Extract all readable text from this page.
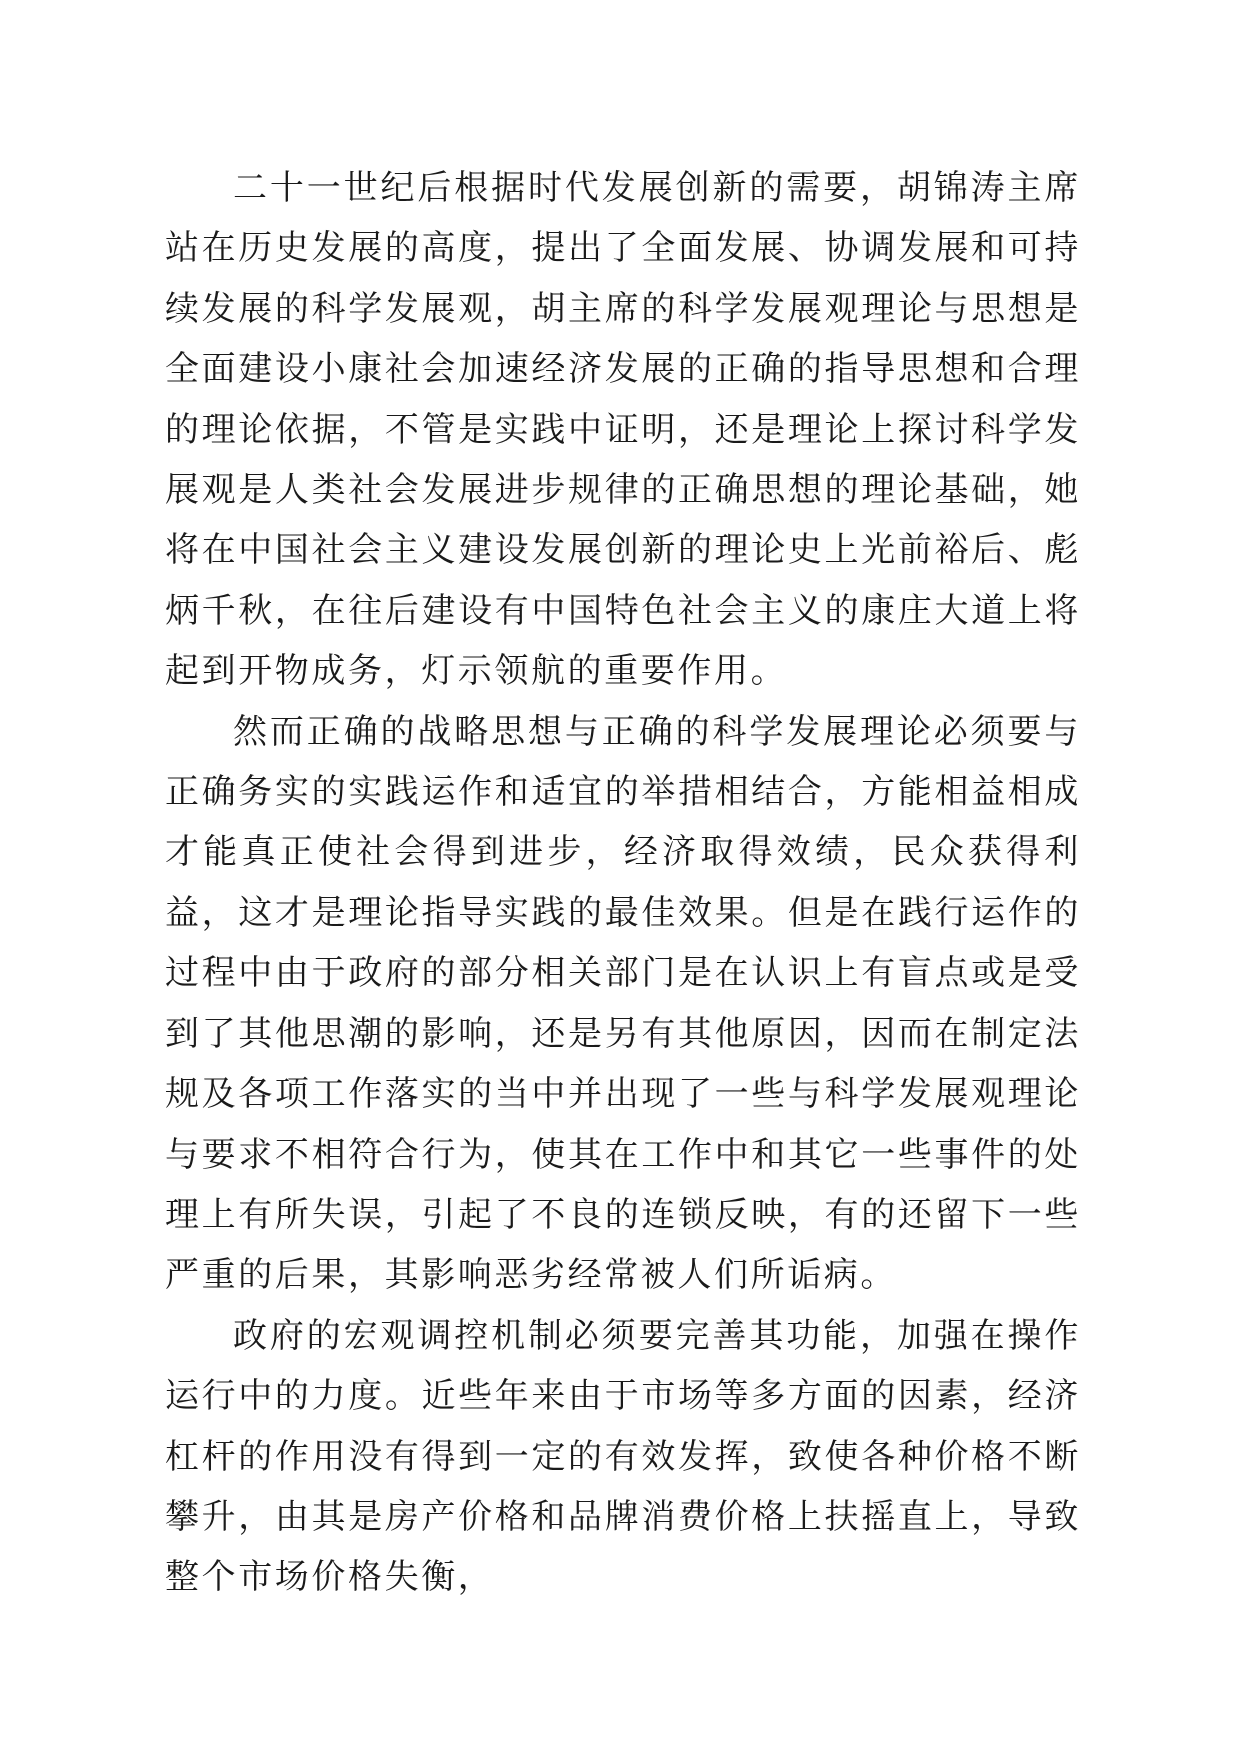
二十一世纪后根据时代发展创新的需要，胡锦涛主席站在历史发展的高度，提出了全面发展、协调发展和可持续发展的科学发展观，胡主席的科学发展观理论与思想是全面建设小康社会加速经济发展的正确的指导思想和合理的理论依据，不管是实践中证明，还是理论上探讨科学发展观是人类社会发展进步规律的正确思想的理论基础，她将在中国社会主义建设发展创新的理论史上光前裕后、彪炳千秋，在往后建设有中国特色社会主义的康庄大道上将起到开物成务，灯示领航的重要作用。

然而正确的战略思想与正确的科学发展理论必须要与正确务实的实践运作和适宜的举措相结合，方能相益相成才能真正使社会得到进步，经济取得效绩，民众获得利益，这才是理论指导实践的最佳效果。但是在践行运作的过程中由于政府的部分相关部门是在认识上有盲点或是受到了其他思潮的影响，还是另有其他原因，因而在制定法规及各项工作落实的当中并出现了一些与科学发展观理论与要求不相符合行为，使其在工作中和其它一些事件的处理上有所失误，引起了不良的连锁反映，有的还留下一些严重的后果，其影响恶劣经常被人们所诟病。

政府的宏观调控机制必须要完善其功能，加强在操作运行中的力度。近些年来由于市场等多方面的因素，经济杠杆的作用没有得到一定的有效发挥，致使各种价格不断攀升，由其是房产价格和品牌消费价格上扶摇直上，导致整个市场价格失衡，
